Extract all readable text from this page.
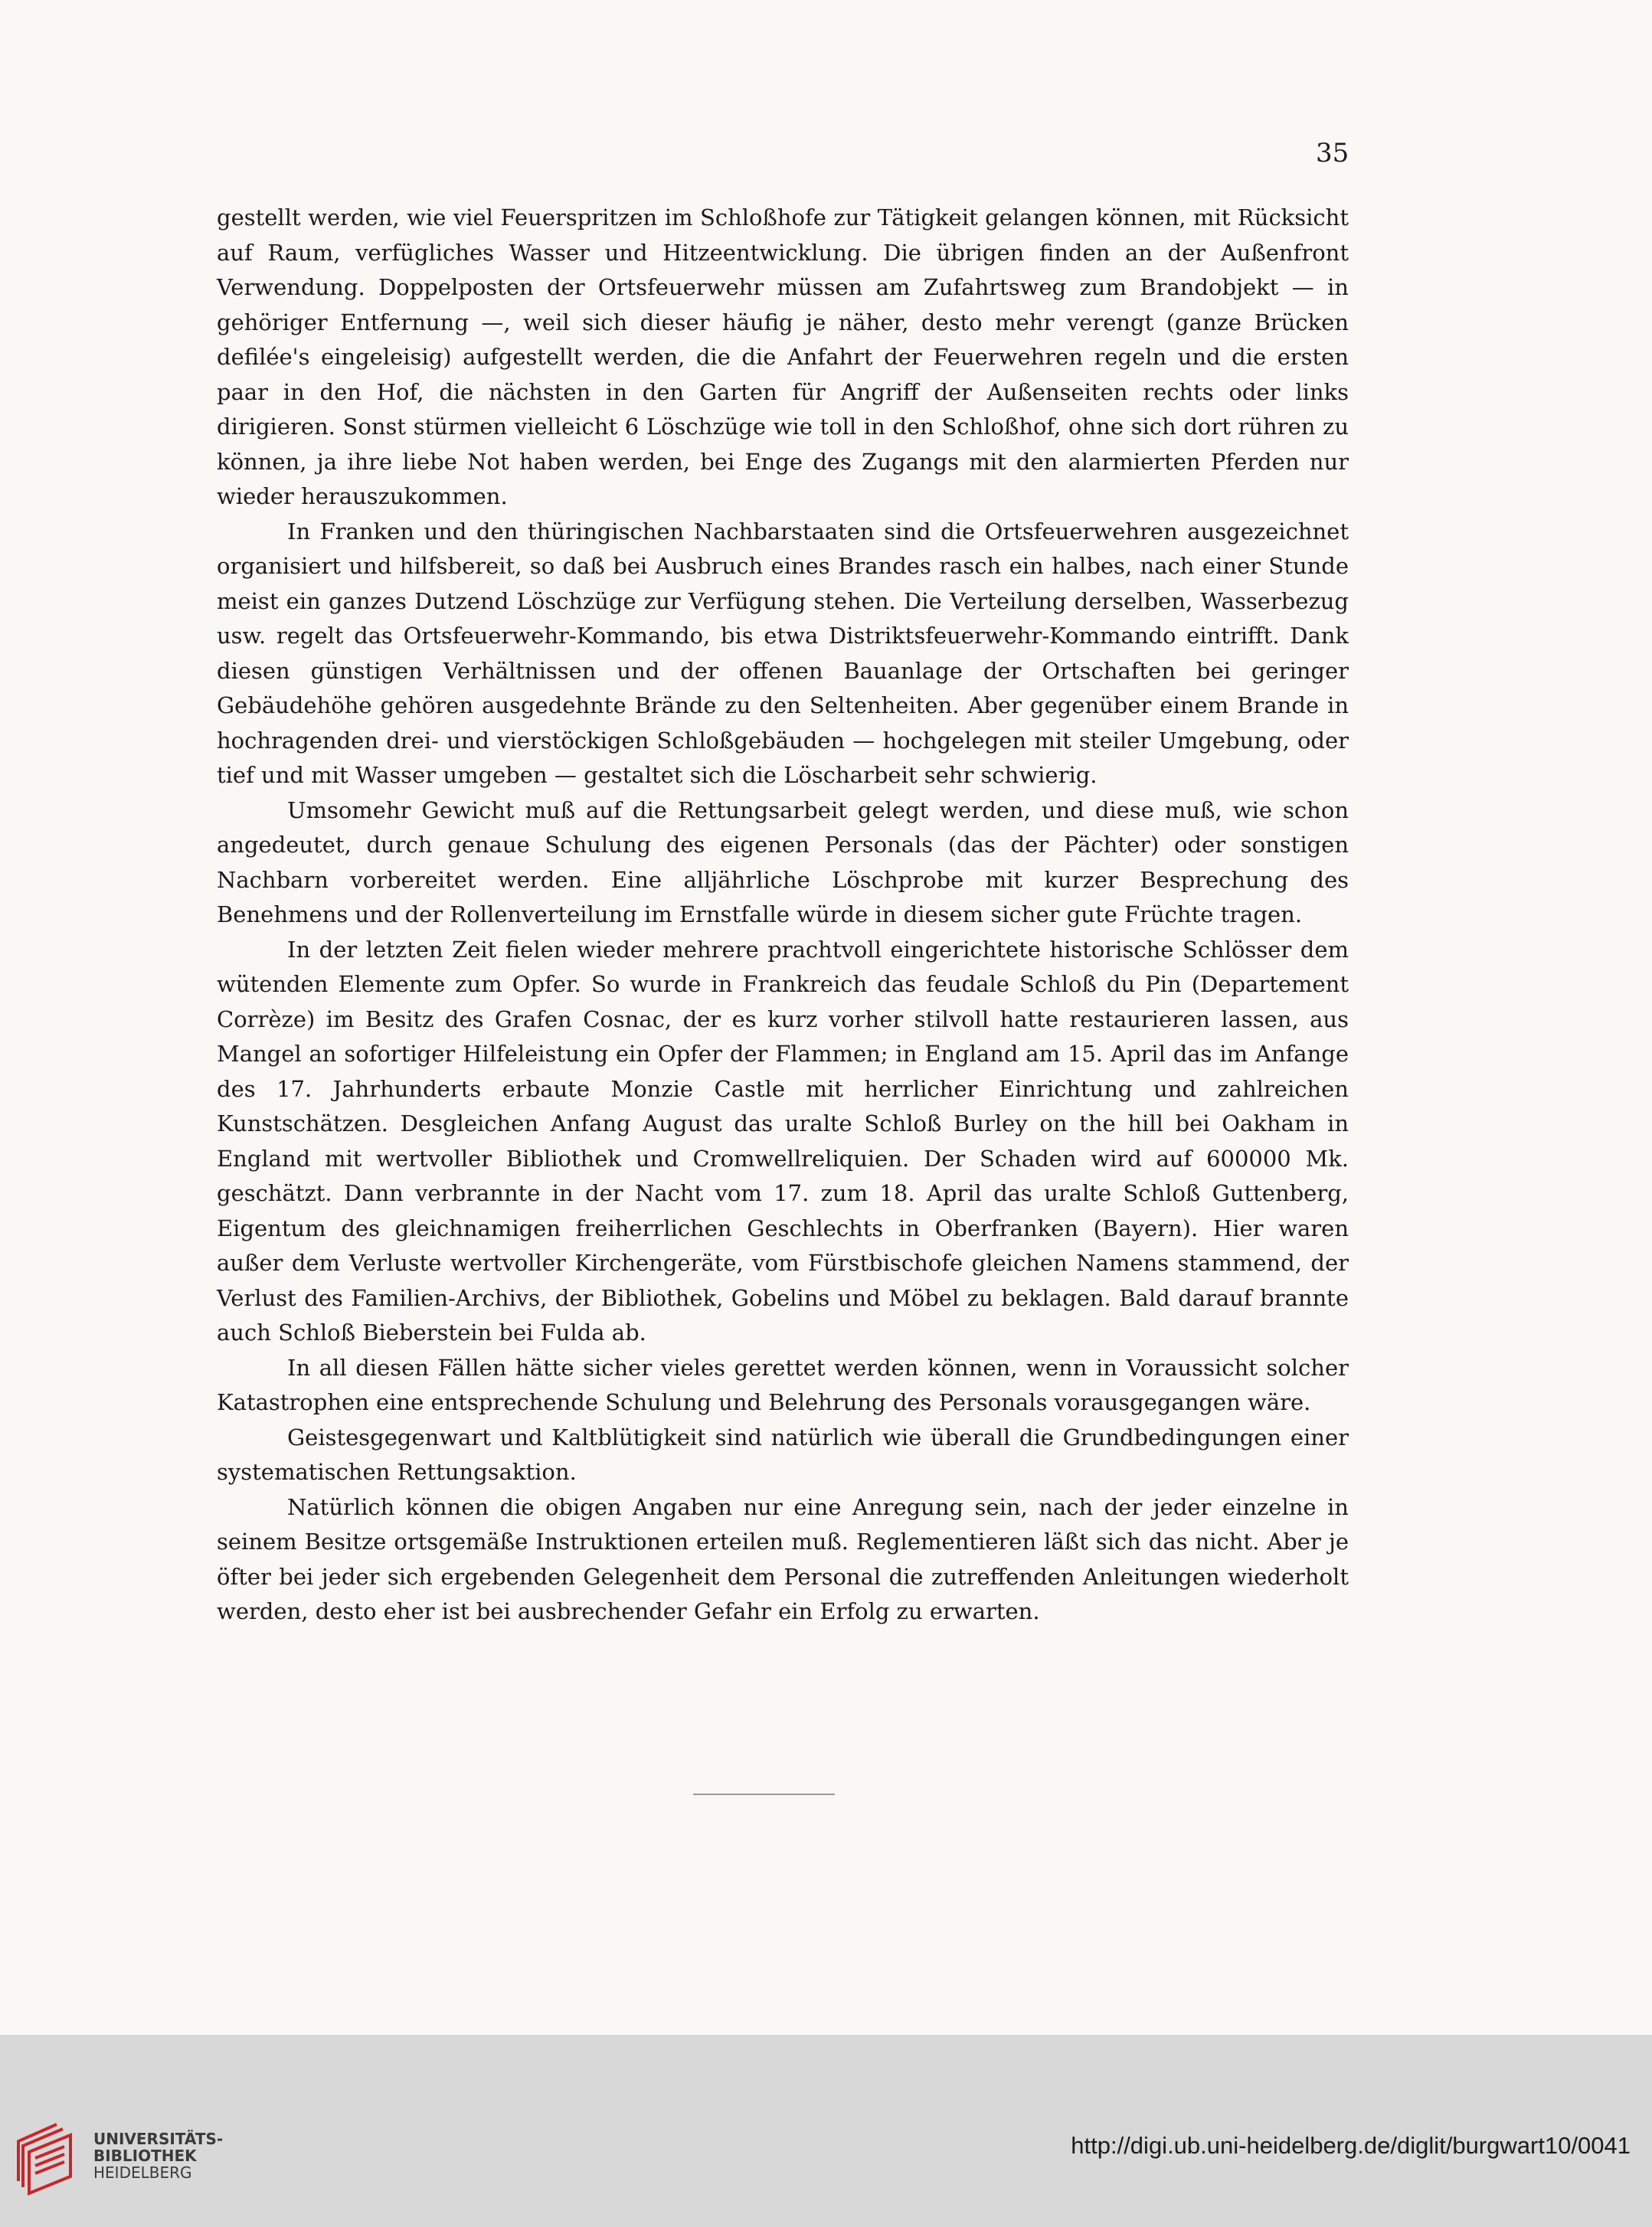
35

gestellt werden, wie viel Feuerspritzen im Schloßhofe zur Tätigkeit gelangen können, mit Rücksicht auf Raum, verfügliches Wasser und Hitzeentwicklung. Die übrigen finden an der Außenfront Verwendung. Doppelposten der Ortsfeuerwehr müssen am Zufahrtsweg zum Brandobjekt — in gehöriger Entfernung —, weil sich dieser häufig je näher, desto mehr verengt (ganze Brücken defilée's eingeleisig) aufgestellt werden, die die Anfahrt der Feuerwehren regeln und die ersten paar in den Hof, die nächsten in den Garten für Angriff der Außenseiten rechts oder links dirigieren. Sonst stürmen vielleicht 6 Löschzüge wie toll in den Schloßhof, ohne sich dort rühren zu können, ja ihre liebe Not haben werden, bei Enge des Zugangs mit den alarmierten Pferden nur wieder herauszukommen.

In Franken und den thüringischen Nachbarstaaten sind die Ortsfeuerwehren ausgezeichnet organisiert und hilfsbereit, so daß bei Ausbruch eines Brandes rasch ein halbes, nach einer Stunde meist ein ganzes Dutzend Löschzüge zur Verfügung stehen. Die Verteilung derselben, Wasserbezug usw. regelt das Ortsfeuerwehr-Kommando, bis etwa Distriktsfeuerwehr-Kommando eintrifft. Dank diesen günstigen Verhältnissen und der offenen Bauanlage der Ortschaften bei geringer Gebäudehöhe gehören ausgedehnte Brände zu den Seltenheiten. Aber gegenüber einem Brande in hochragenden drei- und vierstöckigen Schloßgebäuden — hochgelegen mit steiler Umgebung, oder tief und mit Wasser umgeben — gestaltet sich die Löscharbeit sehr schwierig.

Umsomehr Gewicht muß auf die Rettungsarbeit gelegt werden, und diese muß, wie schon angedeutet, durch genaue Schulung des eigenen Personals (das der Pächter) oder sonstigen Nachbarn vorbereitet werden. Eine alljährliche Löschprobe mit kurzer Besprechung des Benehmens und der Rollenverteilung im Ernstfalle würde in diesem sicher gute Früchte tragen.

In der letzten Zeit fielen wieder mehrere prachtvoll eingerichtete historische Schlösser dem wütenden Elemente zum Opfer. So wurde in Frankreich das feudale Schloß du Pin (Departement Corrèze) im Besitz des Grafen Cosnac, der es kurz vorher stilvoll hatte restaurieren lassen, aus Mangel an sofortiger Hilfeleistung ein Opfer der Flammen; in England am 15. April das im Anfange des 17. Jahrhunderts erbaute Monzie Castle mit herrlicher Einrichtung und zahlreichen Kunstschätzen. Desgleichen Anfang August das uralte Schloß Burley on the hill bei Oakham in England mit wertvoller Bibliothek und Cromwellreliquien. Der Schaden wird auf 600000 Mk. geschätzt. Dann verbrannte in der Nacht vom 17. zum 18. April das uralte Schloß Guttenberg, Eigentum des gleichnamigen freiherrlichen Geschlechts in Oberfranken (Bayern). Hier waren außer dem Verluste wertvoller Kirchengeräte, vom Fürstbischofe gleichen Namens stammend, der Verlust des Familien-Archivs, der Bibliothek, Gobelins und Möbel zu beklagen. Bald darauf brannte auch Schloß Bieberstein bei Fulda ab.

In all diesen Fällen hätte sicher vieles gerettet werden können, wenn in Voraussicht solcher Katastrophen eine entsprechende Schulung und Belehrung des Personals vorausgegangen wäre.

Geistesgegenwart und Kaltblütigkeit sind natürlich wie überall die Grundbedingungen einer systematischen Rettungsaktion.

Natürlich können die obigen Angaben nur eine Anregung sein, nach der jeder einzelne in seinem Besitze ortsgemäße Instruktionen erteilen muß. Reglementieren läßt sich das nicht. Aber je öfter bei jeder sich ergebenden Gelegenheit dem Personal die zutreffenden Anleitungen wiederholt werden, desto eher ist bei ausbrechender Gefahr ein Erfolg zu erwarten.

UNIVERSITÄTS-
BIBLIOTHEK
HEIDELBERG
http://digi.ub.uni-heidelberg.de/diglit/burgwart10/0041
